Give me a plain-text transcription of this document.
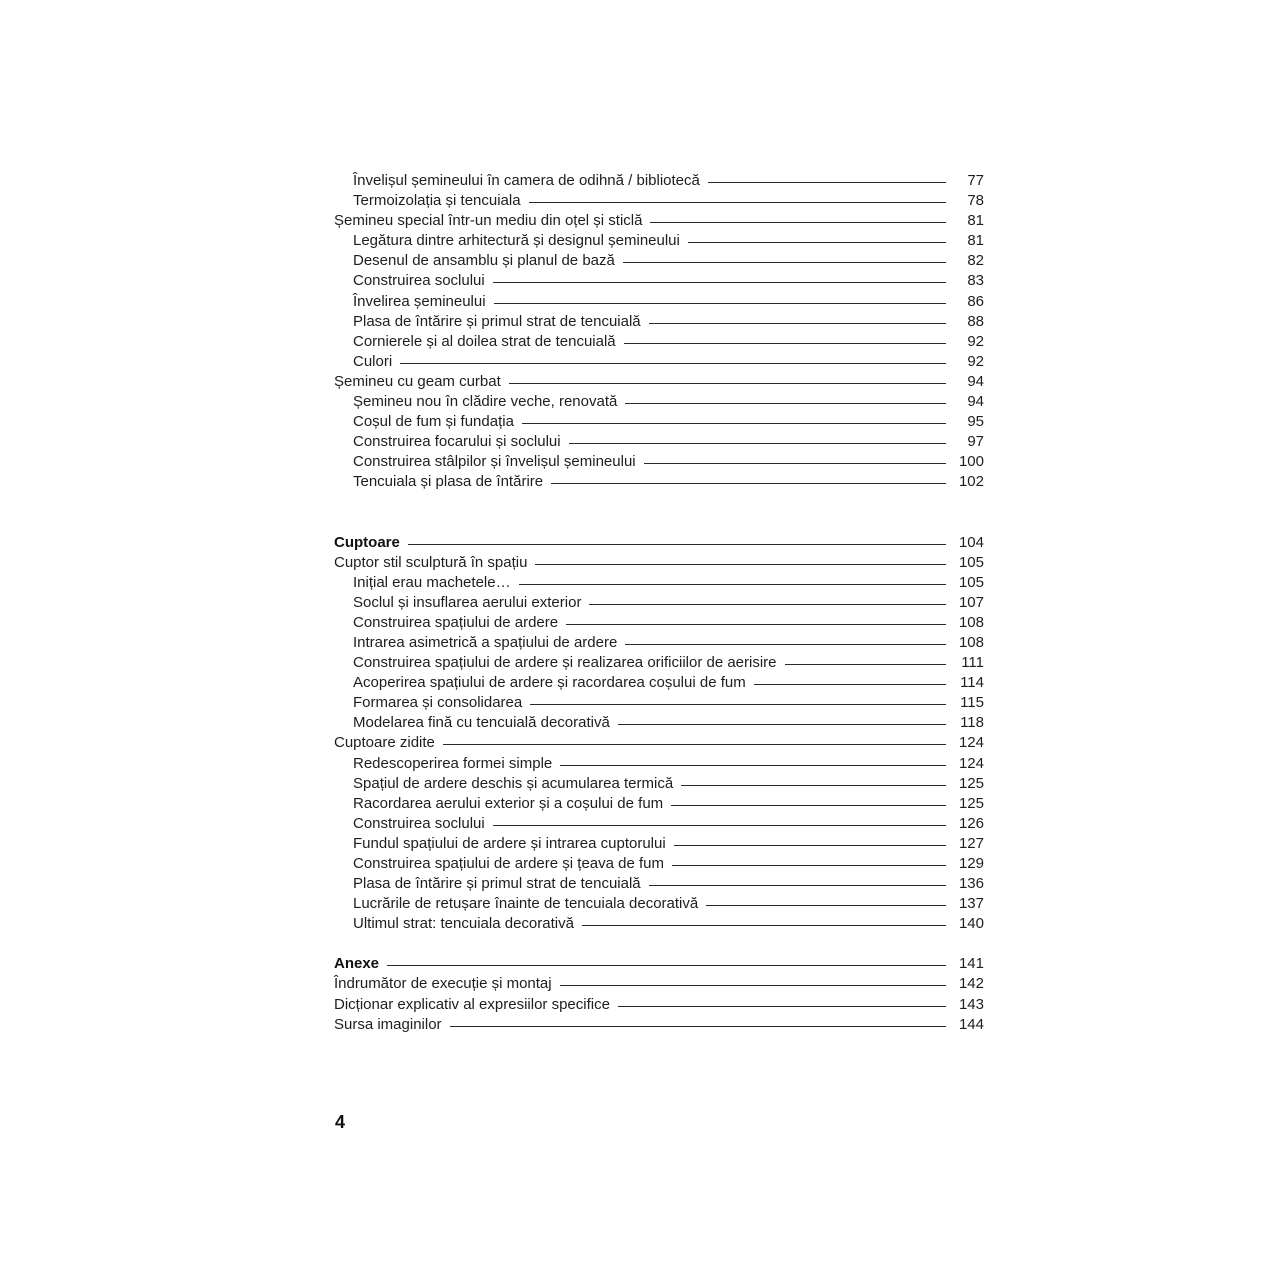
Învelișul șemineului în camera de odihnă / bibliotecă	77
Termoizolația și tencuiala	78
Șemineu special într-un mediu din oțel și sticlă	81
Legătura dintre arhitectură și designul șemineului	81
Desenul de ansamblu și planul de bază	82
Construirea soclului	83
Învelirea șemineului	86
Plasa de întărire și primul strat de tencuială	88
Cornierele și al doilea strat de tencuială	92
Culori	92
Șemineu cu geam curbat	94
Șemineu nou în clădire veche, renovată	94
Coșul de fum și fundația	95
Construirea focarului și soclului	97
Construirea stâlpilor și învelișul șemineului	100
Tencuiala și plasa de întărire	102
Cuptoare	104
Cuptor stil sculptură în spațiu	105
Inițial erau machetele…	105
Soclul și insuflarea aerului exterior	107
Construirea spațiului de ardere	108
Intrarea asimetrică a spațiului de ardere	108
Construirea spațiului de ardere și realizarea orificiilor de aerisire	111
Acoperirea spațiului de ardere și racordarea coșului de fum	114
Formarea și consolidarea	115
Modelarea fină cu tencuială decorativă	118
Cuptoare zidite	124
Redescoperirea formei simple	124
Spațiul de ardere deschis și acumularea termică	125
Racordarea aerului exterior și a coșului de fum	125
Construirea soclului	126
Fundul spațiului de ardere și intrarea cuptorului	127
Construirea spațiului de ardere și țeava de fum	129
Plasa de întărire și primul strat de tencuială	136
Lucrările de retușare înainte de tencuiala decorativă	137
Ultimul strat: tencuiala decorativă	140
Anexe	141
Îndrumător de execuție și montaj	142
Dicționar explicativ al expresiilor specifice	143
Sursa imaginilor	144
4
